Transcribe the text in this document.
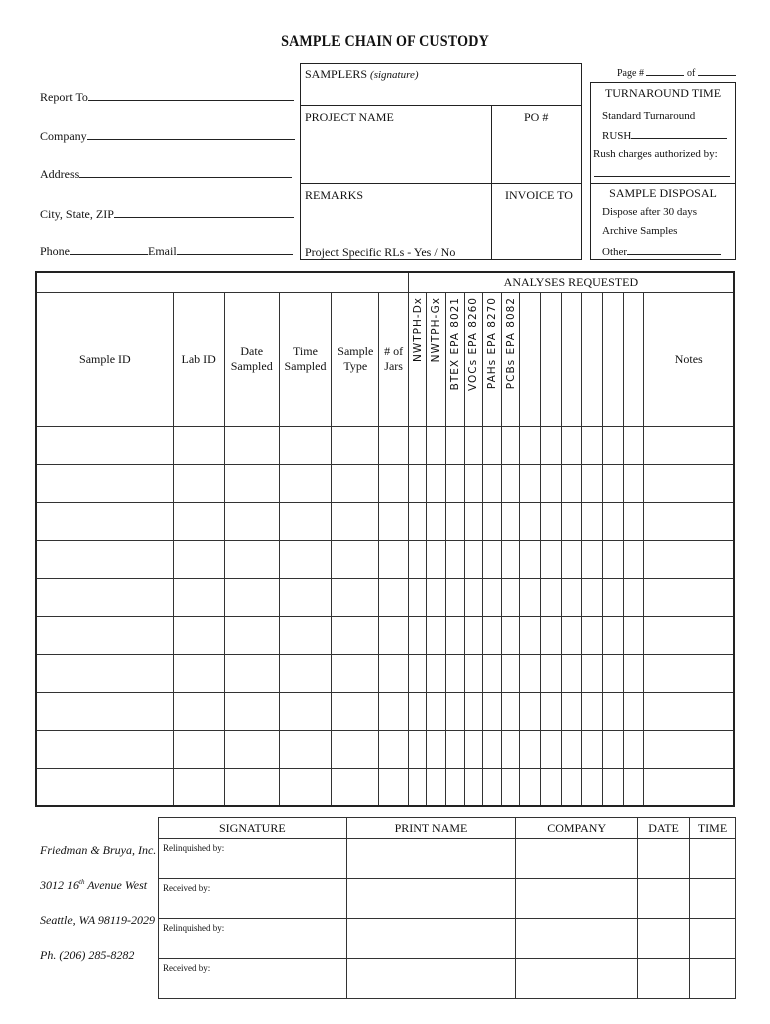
SAMPLE CHAIN OF CUSTODY
Report To
Company
Address
City, State, ZIP
Phone	Email
SAMPLERS (signature)
PROJECT NAME	PO #
REMARKS	INVOICE TO
Project Specific RLs - Yes / No
Page #	of
TURNAROUND TIME
Standard Turnaround
RUSH
Rush charges authorized by:
SAMPLE DISPOSAL
Dispose after 30 days
Archive Samples
Other
						ANALYSES REQUESTED												
Sample ID	Lab ID	Date Sampled	Time Sampled	Sample Type	# of Jars	NWTPH-Dx	NWTPH-Gx	BTEX EPA 8021	VOCs EPA 8260	PAHs EPA 8270	PCBs EPA 8082							Notes

Friedman & Bruya, Inc.
3012 16th Avenue West
Seattle, WA 98119-2029
Ph. (206) 285-8282
SIGNATURE	PRINT NAME	COMPANY	DATE	TIME
Relinquished by:				
Received by:				
Relinquished by:				
Received by:				
